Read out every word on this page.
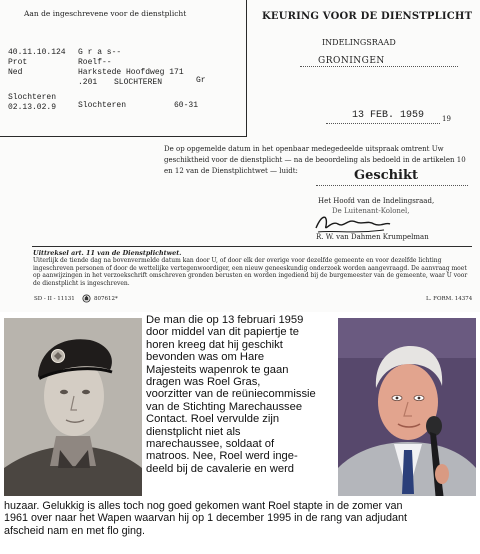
Aan de ingeschrevene voor de dienstplicht
40.11.10.124 G r a s--
Prot	Roelf--
Ned	Harkstede Hoofdweg 171
.201 SLOCHTEREN	Gr
Slochteren
02.13.02.9	Slochteren	60-31
KEURING VOOR DE DIENSTPLICHT
INDELINGSRAAD
GRONINGEN
13 FEB. 1959	19
De op opgemelde datum in het openbaar medegedeelde uitspraak omtrent Uw geschiktheid voor de dienstplicht — na de beoordeling als bedoeld in de artikelen 10 en 12 van de Dienstplichtwet — luidt:	Geschikt
Het Hoofd van de Indelingsraad,
De Luitenant-Kolonel,
R. W. van Dahmen Krumpelman
Uittreksel art. 11 van de Dienstplichtwet.
Uiterlijk de tiende dag na bovenvermelde datum kan door U, of door elk der overige voor dezelfde gemeente en voor dezelfde lichting ingeschreven personen of door de wettelijke vertegenwoordiger, een nieuw geneeskundig onderzoek worden aangevraagd. De aanvraag moet op aanwijzingen in het verzoekschrift omschreven gronden berusten en worden ingediend bij de burgemeester van de gemeente, waar U voor de dienstplicht is ingeschreven.
SD - II - 11131	807612*	L. FORM. 14374
De man die op 13 februari 1959
door middel van dit papiertje te
horen kreeg dat hij geschikt
bevonden was om Hare
Majesteits wapenrok te gaan
dragen was Roel Gras,
voorzitter van de reüniecommissie
van de Stichting Marechaussee
Contact. Roel vervulde zijn
dienstplicht niet als
marechaussee, soldaat of
matroos. Nee, Roel werd inge-
deeld bij de cavalerie en werd
huzaar. Gelukkig is alles toch nog goed gekomen want Roel stapte in de zomer van
1961 over naar het Wapen waarvan hij op 1 december 1995 in de rang van adjudant
afscheid nam en met flo ging.
